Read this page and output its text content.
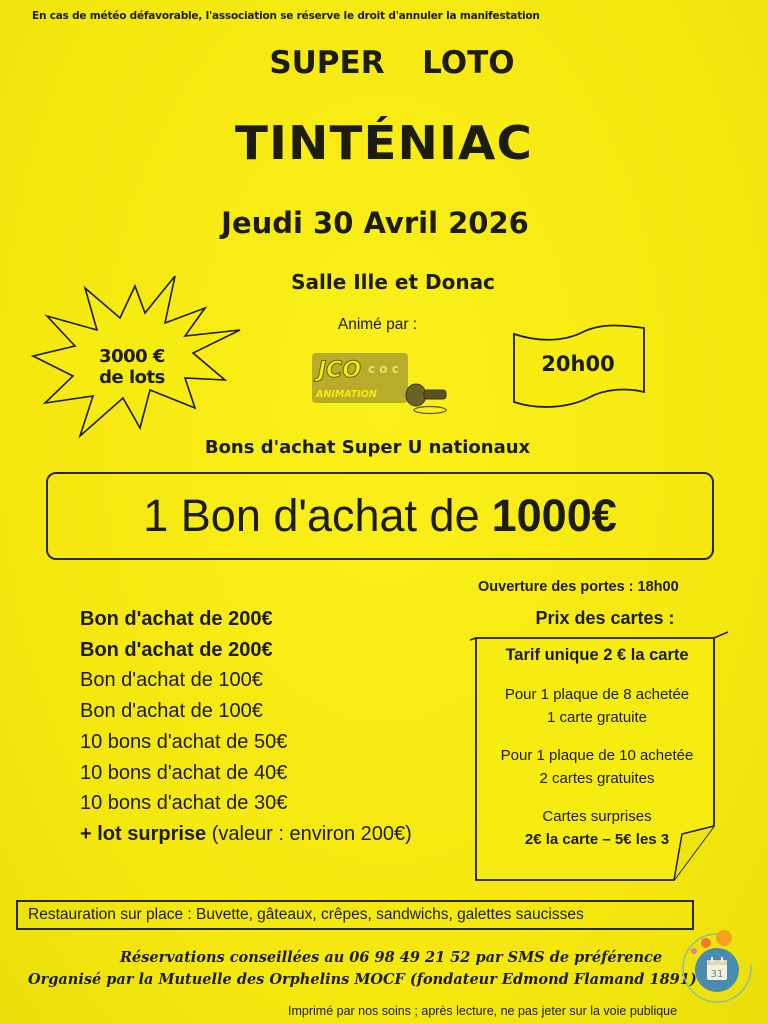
En cas de météo défavorable, l'association se réserve le droit d'annuler la manifestation
SUPER  LOTO
TINTÉNIAC
Jeudi 30 Avril 2026
Salle Ille et Donac
Animé par :
3000 €
de lots	JCO c o c
ANIMATION
20h00
Bons d'achat Super U nationaux
1 Bon d'achat de 1000€
Ouverture des portes : 18h00
Prix des cartes :
Tarif unique 2 € la carte
Pour 1 plaque de 8 achetée
1 carte gratuite
Pour 1 plaque de 10 achetée
2 cartes gratuites
Cartes surprises
2€ la carte – 5€ les 3
Bon d'achat de 200€
Bon d'achat de 200€
Bon d'achat de 100€
Bon d'achat de 100€
10 bons d'achat de 50€
10 bons d'achat de 40€
10 bons d'achat de 30€
+ lot surprise (valeur : environ 200€)
Restauration sur place : Buvette, gâteaux, crêpes, sandwichs, galettes saucisses
Réservations conseillées au 06 98 49 21 52 par SMS de préférence
Organisé par la Mutuelle des Orphelins MOCF (fondateur Edmond Flamand 1891)
Imprimé par nos soins ; après lecture, ne pas jeter sur la voie publique
31
